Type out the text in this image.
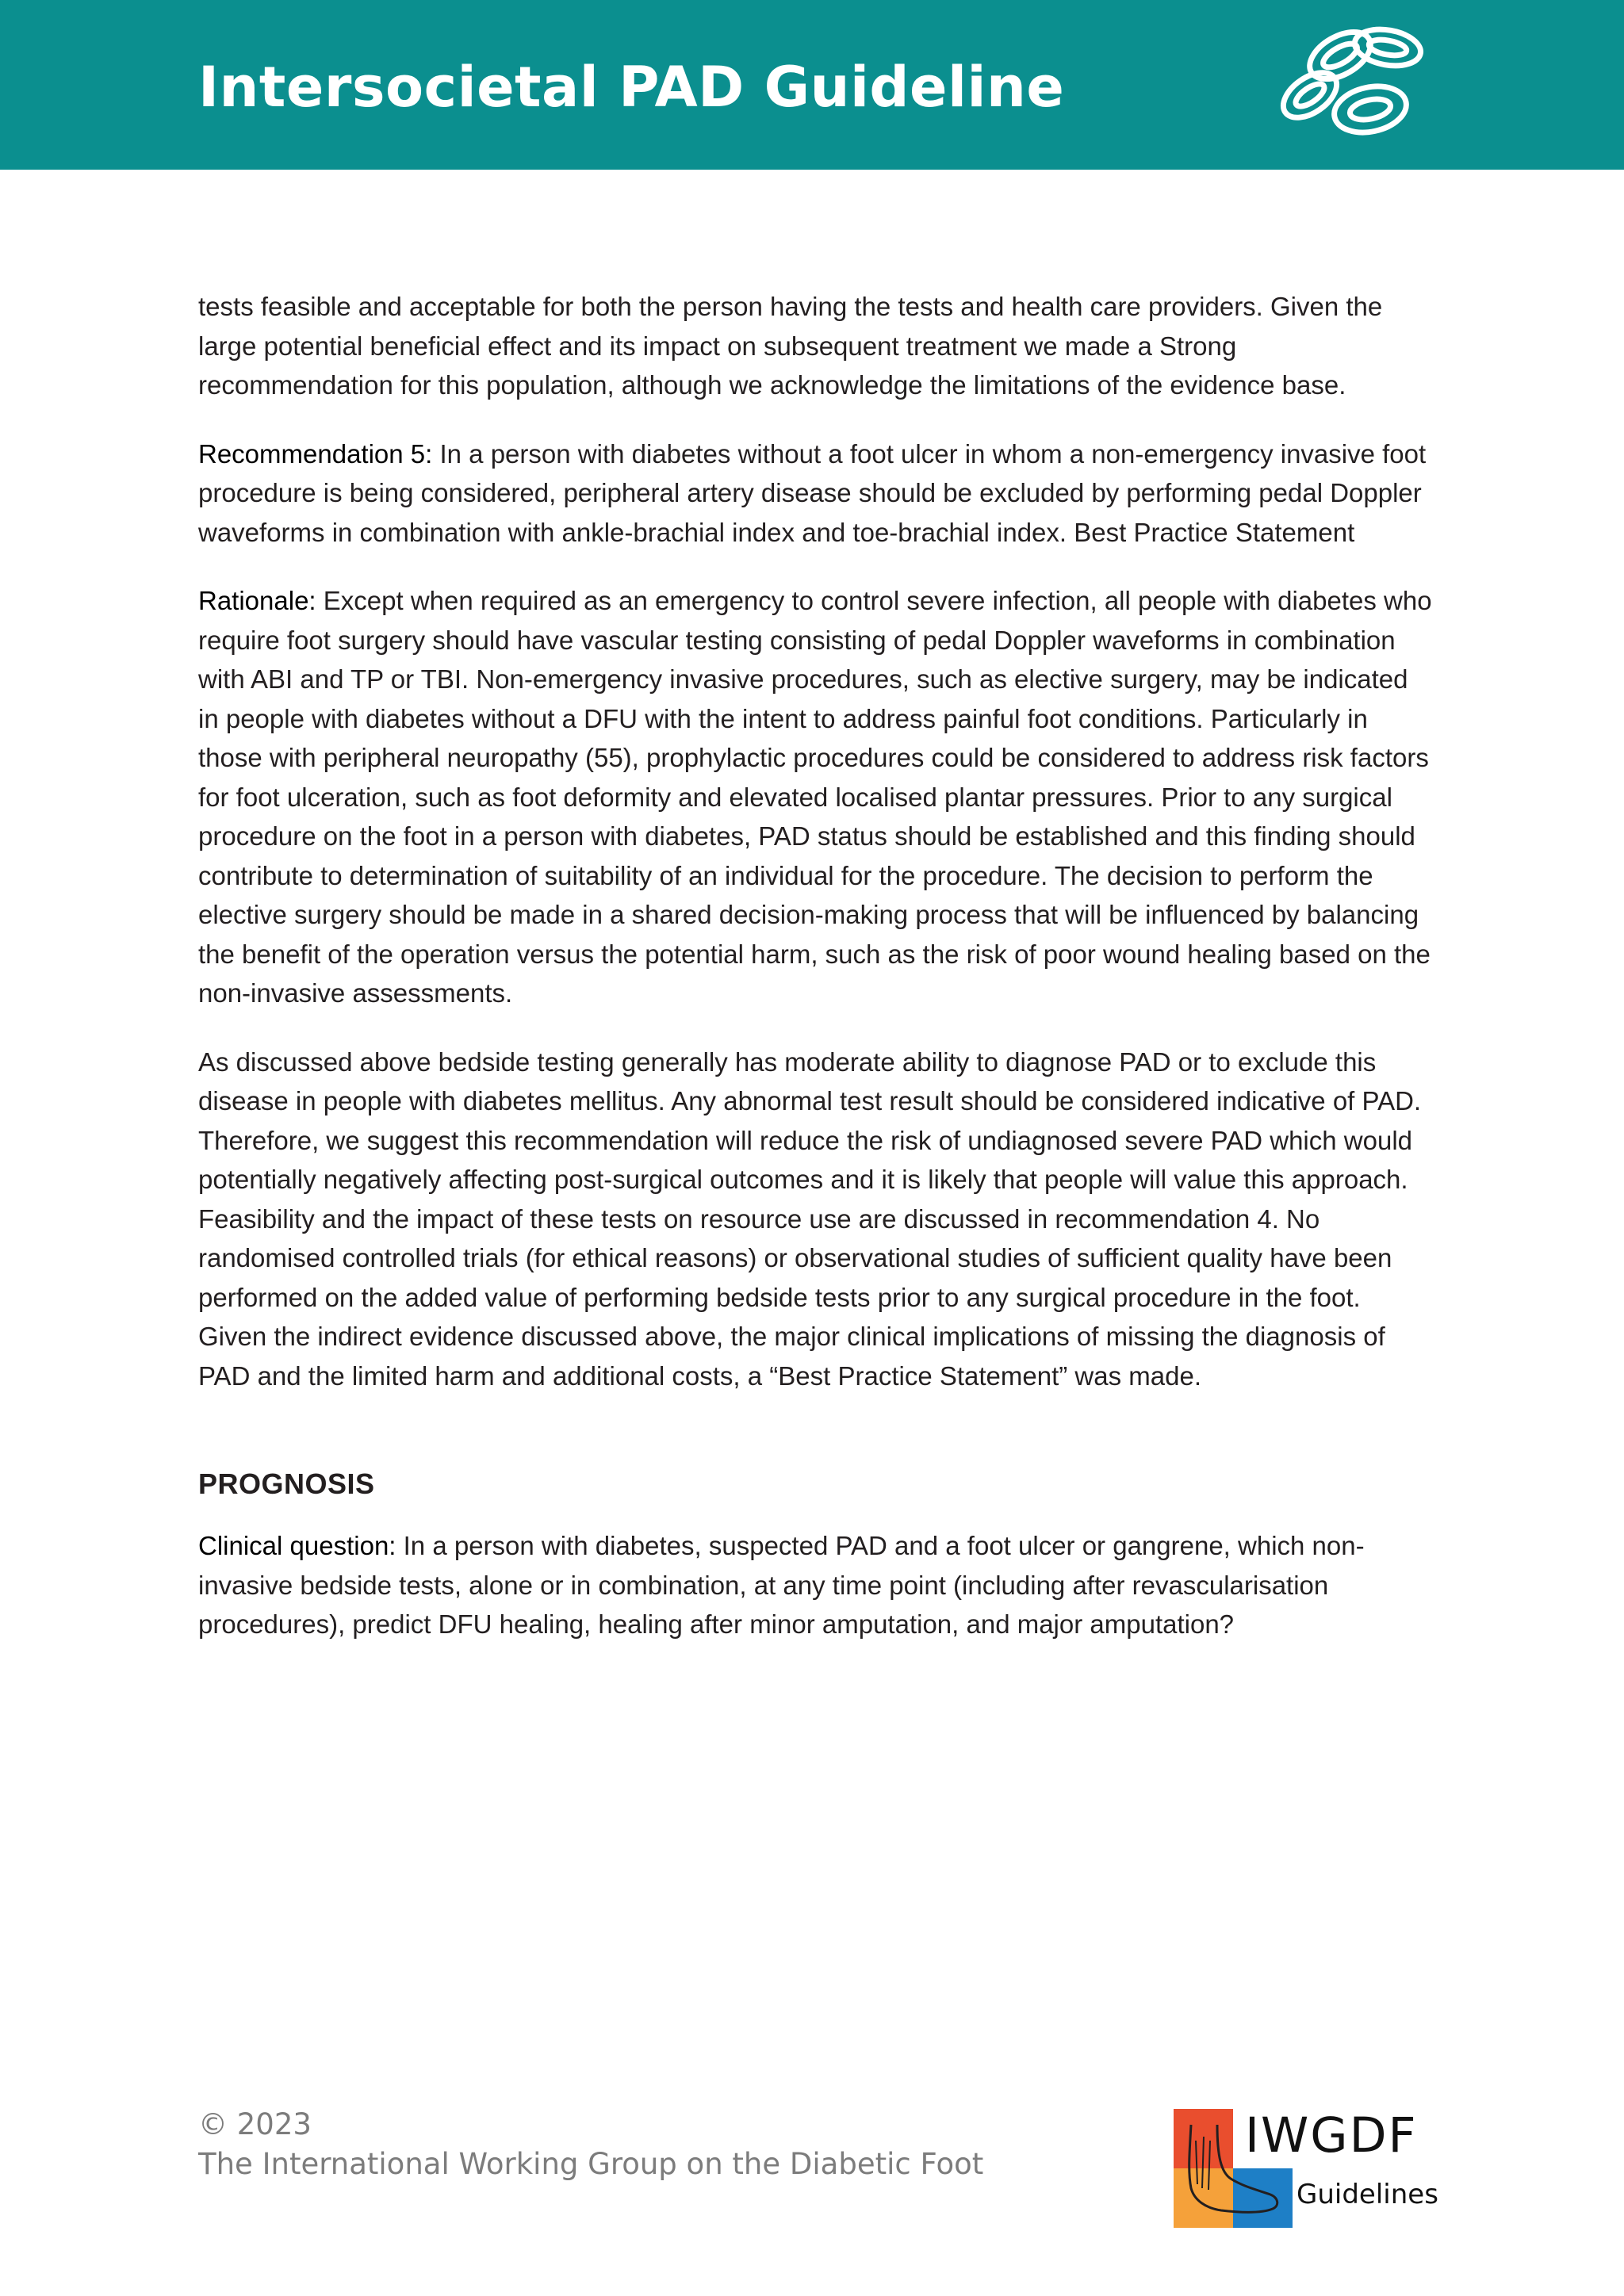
Intersocietal PAD Guideline

tests feasible and acceptable for both the person having the tests and health care providers. Given the large potential beneficial effect and its impact on subsequent treatment we made a Strong recommendation for this population, although we acknowledge the limitations of the evidence base.

Recommendation 5: In a person with diabetes without a foot ulcer in whom a non-emergency invasive foot procedure is being considered, peripheral artery disease should be excluded by performing pedal Doppler waveforms in combination with ankle-brachial index and toe-brachial index. Best Practice Statement

Rationale: Except when required as an emergency to control severe infection, all people with diabetes who require foot surgery should have vascular testing consisting of pedal Doppler waveforms in combination with ABI and TP or TBI. Non-emergency invasive procedures, such as elective surgery, may be indicated in people with diabetes without a DFU with the intent to address painful foot conditions. Particularly in those with peripheral neuropathy (55), prophylactic procedures could be considered to address risk factors for foot ulceration, such as foot deformity and elevated localised plantar pressures. Prior to any surgical procedure on the foot in a person with diabetes, PAD status should be established and this finding should contribute to determination of suitability of an individual for the procedure. The decision to perform the elective surgery should be made in a shared decision-making process that will be influenced by balancing the benefit of the operation versus the potential harm, such as the risk of poor wound healing based on the non-invasive assessments.

As discussed above bedside testing generally has moderate ability to diagnose PAD or to exclude this disease in people with diabetes mellitus. Any abnormal test result should be considered indicative of PAD. Therefore, we suggest this recommendation will reduce the risk of undiagnosed severe PAD which would potentially negatively affecting post-surgical outcomes and it is likely that people will value this approach. Feasibility and the impact of these tests on resource use are discussed in recommendation 4. No randomised controlled trials (for ethical reasons) or observational studies of sufficient quality have been performed on the added value of performing bedside tests prior to any surgical procedure in the foot. Given the indirect evidence discussed above, the major clinical implications of missing the diagnosis of PAD and the limited harm and additional costs, a “Best Practice Statement” was made.

PROGNOSIS

Clinical question: In a person with diabetes, suspected PAD and a foot ulcer or gangrene, which non-invasive bedside tests, alone or in combination, at any time point (including after revascularisation procedures), predict DFU healing, healing after minor amputation, and major amputation?

© 2023
The International Working Group on the Diabetic Foot
IWGDF
Guidelines
